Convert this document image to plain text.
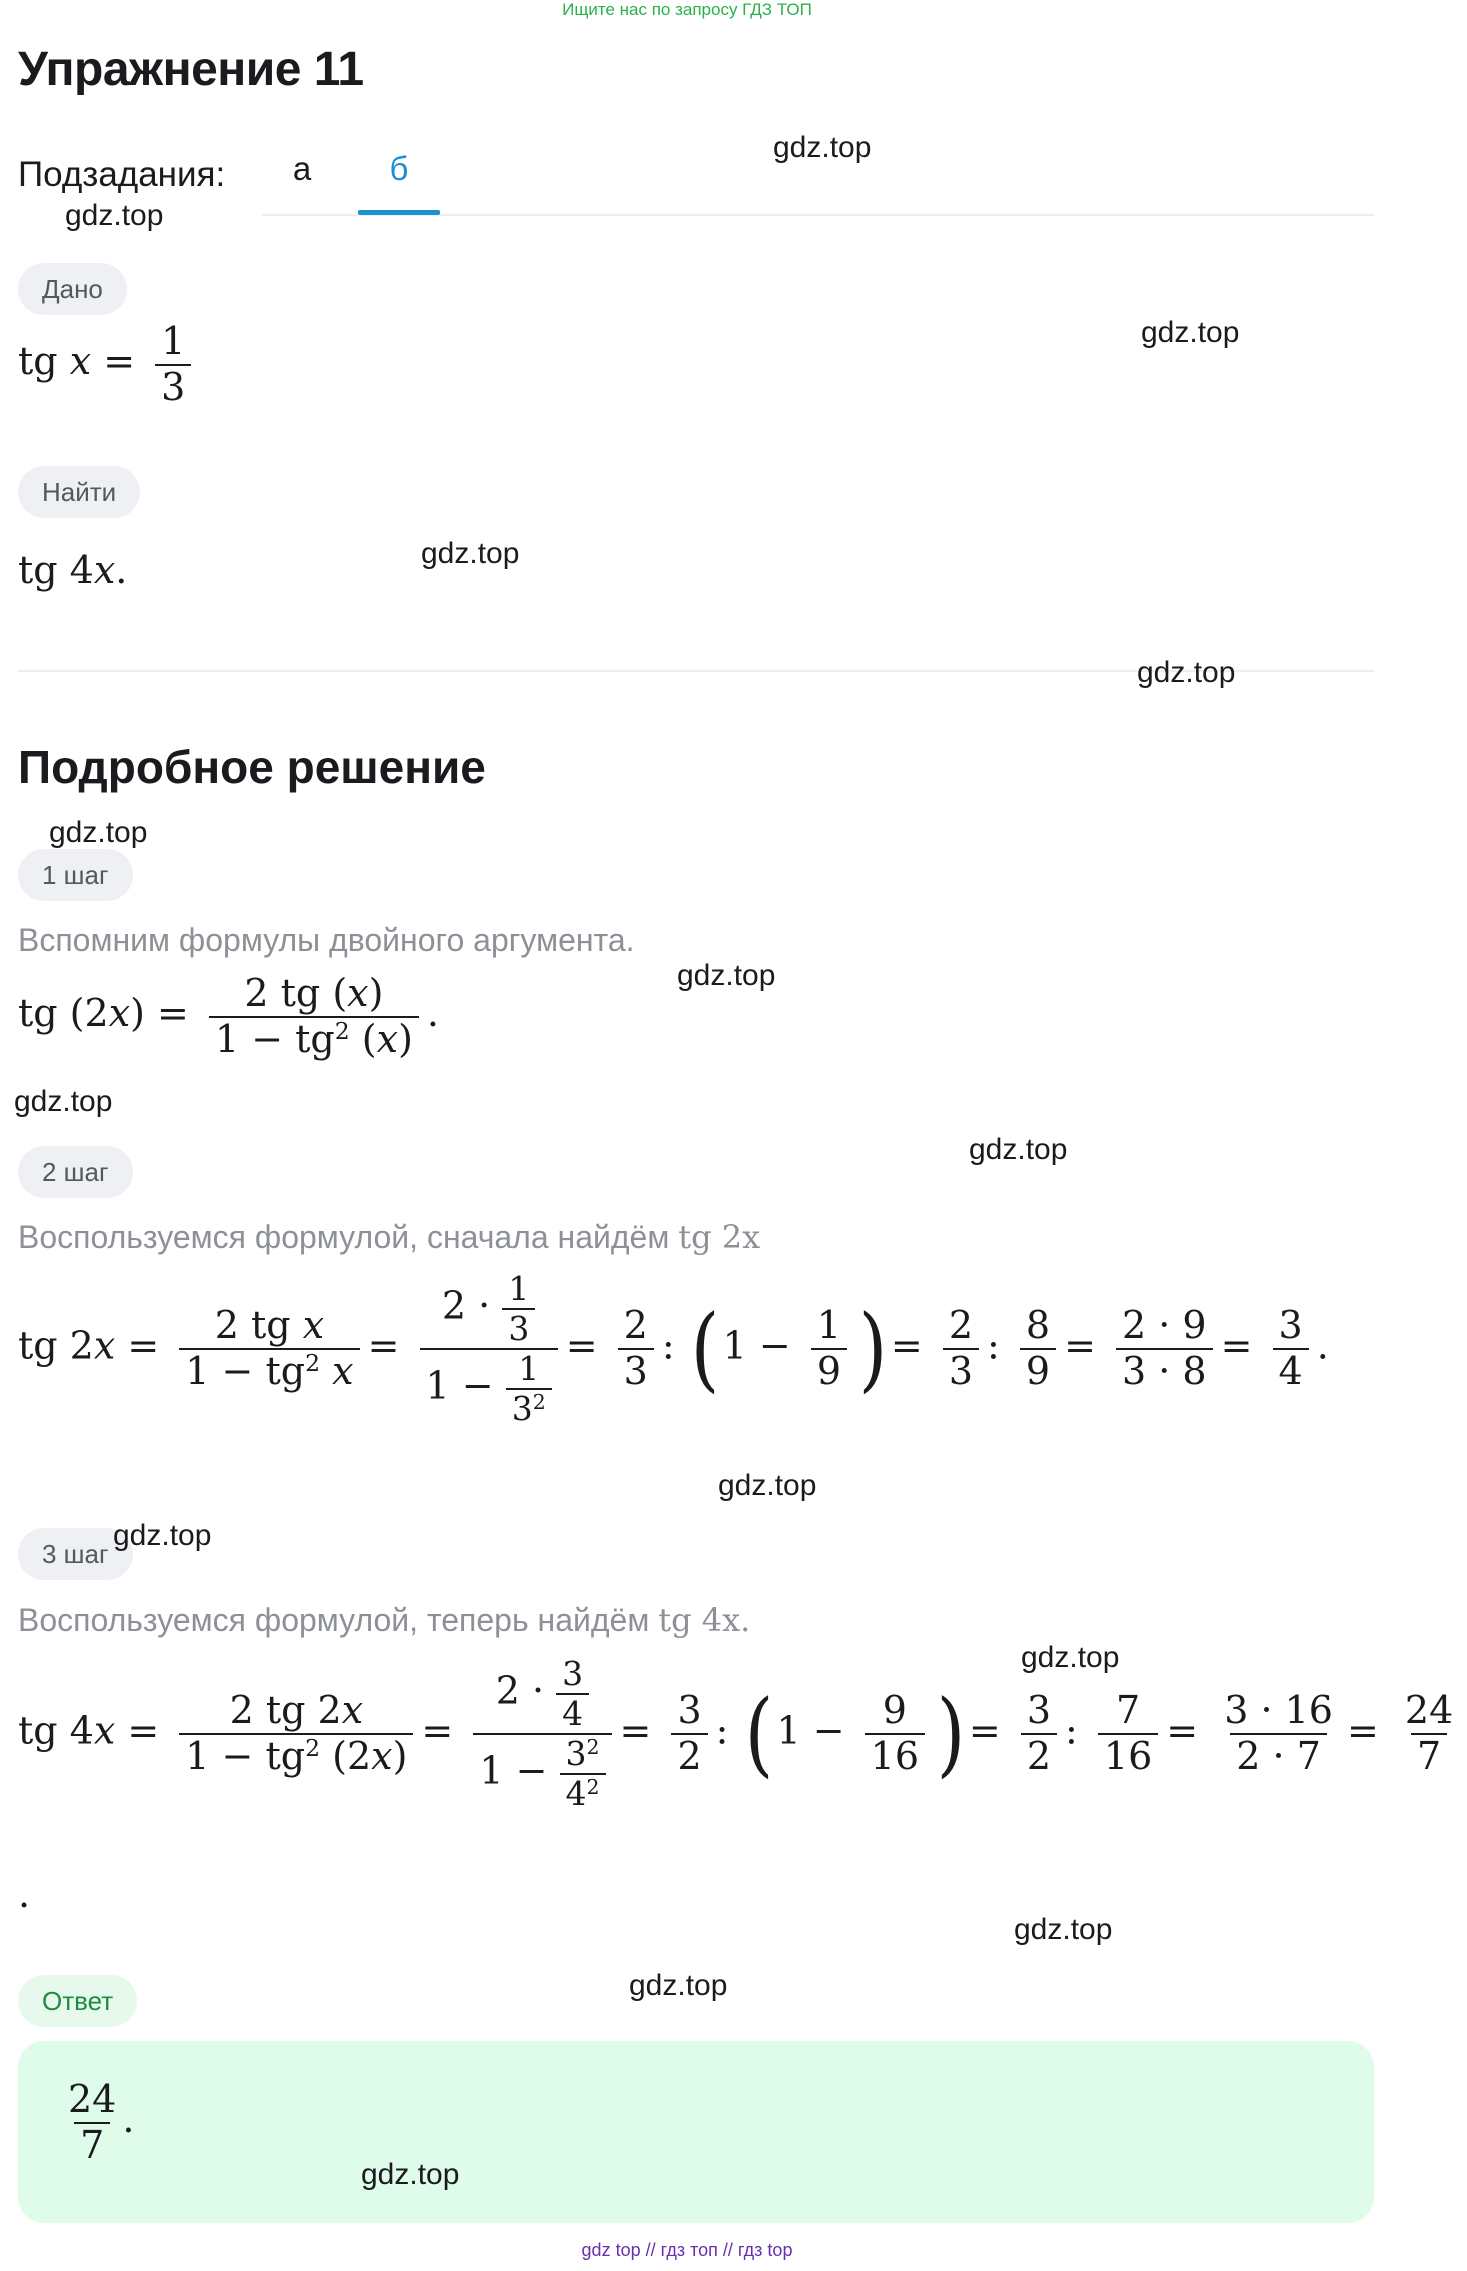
Ищите нас по запросу ГДЗ ТОП
Упражнение 11
Подзадания:	а	б
Дано
tg $x = \frac{1}{3}$
Найти
tg 4x.
Подробное решение
1 шаг
Вспомним формулы двойного аргумента.
tg $(2x) = \frac{2 tg (x)}{1 - tg^2 (x)}$ .
2 шаг
Воспользуемся формулой, сначала найдём tg 2x
tg $2x = \frac{\text{2 tg x}}{1 - tg^2 x} = \frac{2 \cdot \frac{1}{3}}{1 - \frac{1}{3^2}} = \frac{2}{3}$ : ($1 - \frac{1}{9}$ )= $\frac{2}{3}$ : $\frac{8}{9} = \frac{2 \cdot 9}{3 \cdot 8} = \frac{3}{4}$ .
3 шаг
Воспользуемся формулой, теперь найдём tg 4x.
tg $4x = \frac{2 tg 2x}{1 - tg^2 (2x)} = \frac{2 \cdot \frac{3}{4}}{1 - \frac{3^2}{4^2}} = \frac{3}{2}$ : ($1 - \frac{9}{16}$ )= $\frac{3}{2}$ : $\frac{7}{16} = \frac{3 \cdot 16}{2 \cdot 7} = \frac{24}{7}$
.
Ответ
$\frac{24}{7}$ .
gdz.top
gdz.top
gdz.top
gdz.top
gdz.top
gdz.top
gdz.top
gdz.top
gdz.top
gdz.top
gdz.top
gdz.top
gdz.top
gdz.top
gdz.top
gdz top // гдз топ // гдз top
